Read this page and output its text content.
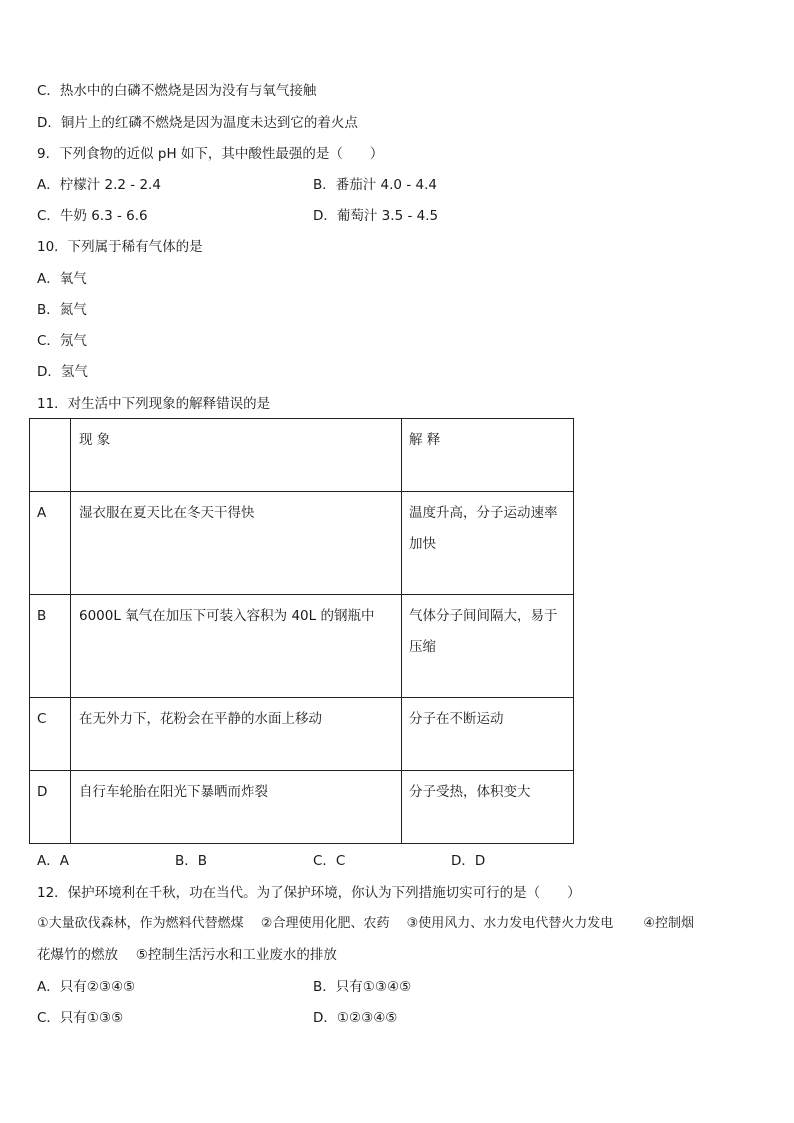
C．热水中的白磷不燃烧是因为没有与氧气接触
D．铜片上的红磷不燃烧是因为温度未达到它的着火点
9．下列食物的近似 pH 如下，其中酸性最强的是（　　）
A．柠檬汁 2.2 - 2.4	B．番茄汁 4.0 - 4.4
C．牛奶 6.3 - 6.6	D．葡萄汁 3.5 - 4.5
10．下列属于稀有气体的是
A．氧气
B．氮气
C．氖气
D．氢气
11．对生活中下列现象的解释错误的是

	现 象	解 释

A	湿衣服在夏天比在冬天干得快	温度升高，分子运动速率加快

B	6000L 氧气在加压下可装入容积为 40L 的钢瓶中	气体分子间间隔大，易于压缩

C	在无外力下，花粉会在平静的水面上移动	分子在不断运动

D	自行车轮胎在阳光下暴晒而炸裂	分子受热，体积变大
A．A	B．B	C．C	D．D
12．保护环境利在千秋，功在当代。为了保护环境，你认为下列措施切实可行的是（　　）
①大量砍伐森林，作为燃料代替燃煤　 ②合理使用化肥、农药　 ③使用风力、水力发电代替火力发电　　 ④控制烟
花爆竹的燃放　 ⑤控制生活污水和工业废水的排放
A．只有②③④⑤	B．只有①③④⑤
C．只有①③⑤	D．①②③④⑤
